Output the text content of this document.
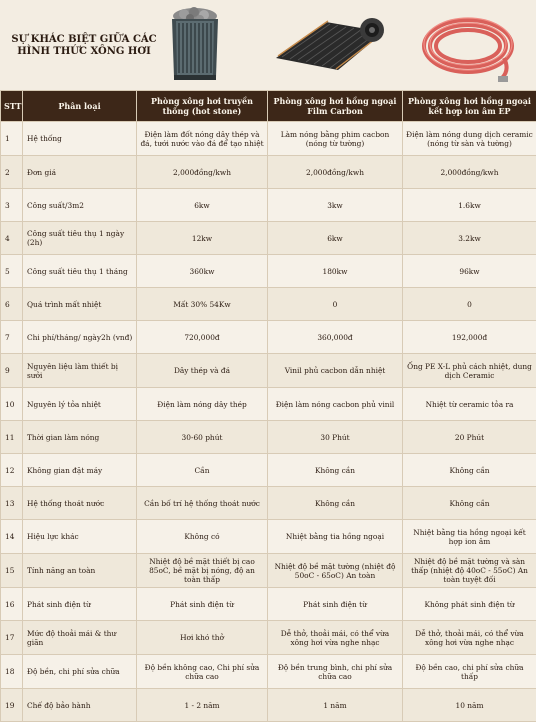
SỰ KHÁC BIỆT GIỮA CÁC
HÌNH THỨC XÔNG HƠI
STT	Phân loại	Phòng xông hơi truyền thống (hot stone)	Phòng xông hơi hồng ngoại Film Carbon	Phòng xông hơi hồng ngoại kết hợp ion âm EP
1	Hệ thống	Điện làm đốt nóng dây thép và đá, tưới nước vào đá để tạo nhiệt	Làm nóng bằng phim cacbon (nóng từ tường)	Điện làm nóng dung dịch ceramic (nóng từ sàn và tường)
2	Đơn giá	2,000đồng/kwh	2,000đồng/kwh	2,000đồng/kwh
3	Công suất/3m2	6kw	3kw	1.6kw
4	Công suất tiêu thụ 1 ngày (2h)	12kw	6kw	3.2kw
5	Công suất tiêu thụ 1 tháng	360kw	180kw	96kw
6	Quá trình mất nhiệt	Mất 30% 54Kw	0	0
7	Chi phí/tháng/ ngày2h (vnđ)	720,000đ	360,000đ	192,000đ
9	Nguyên liệu làm thiết bị sưởi	Dây thép và đá	Vinil phủ cacbon dẫn nhiệt	Ống PE X-L phủ cách nhiệt, dung dịch Ceramic
10	Nguyên lý tỏa nhiệt	Điện làm nóng dây thép	Điện làm nóng cacbon phủ vinil	Nhiệt từ ceramic tỏa ra
11	Thời gian làm nóng	30-60 phút	30 Phút	20 Phút
12	Không gian đặt máy	Cần	Không cần	Không cần
13	Hệ thống thoát nước	Cần bố trí hệ thống thoát nước	Không cần	Không cần
14	Hiệu lực khác	Không có	Nhiệt bằng tia hồng ngoại	Nhiệt bằng tia hồng ngoại kết hợp ion âm
15	Tính năng an toàn	Nhiệt độ bề mặt thiết bị cao 85oC, bề mặt bị nóng, độ an toàn thấp	Nhiệt độ bề mặt tường (nhiệt độ 50oC - 65oC) An toàn	Nhiệt độ bề mặt tường và sàn thấp (nhiệt độ 40oC - 55oC) An toàn tuyệt đối
16	Phát sinh điện từ	Phát sinh điện từ	Phát sinh điện từ	Không phát sinh điện từ
17	Mức độ thoải mái & thư giãn	Hơi khó thở	Dễ thở, thoải mái, có thể vừa xông hơi vừa nghe nhạc	Dễ thở, thoải mái, có thể vừa xông hơi vừa nghe nhạc
18	Độ bền, chi phí sửa chữa	Độ bền không cao, Chi phí sửa chữa cao	Độ bền trung bình, chi phí sửa chữa cao	Độ bền cao, chi phí sửa chữa thấp
19	Chế độ bảo hành	1 - 2 năm	1 năm	10 năm
